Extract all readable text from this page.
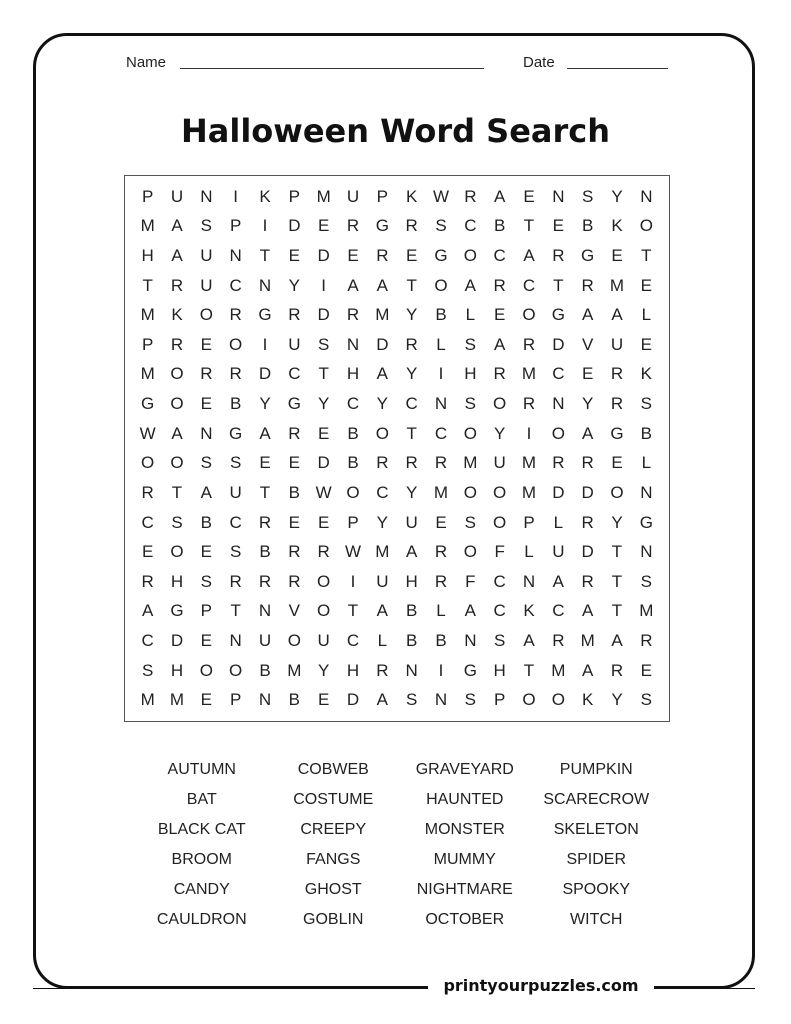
Name	Date
Halloween Word Search
P	U	N	I	K	P M U	P	K W R	A	E	N	S	Y	N
M A	S	P	I	D	E	R G R	S	C	B	T	E	B	K	O
H	A	U	N	T	E	D	E	R	E	G O C	A	R G	E	T
T	R	U	C	N	Y	I	A	A	T	O	A	R	C	T	R M E
M K	O R G R	D	R M Y	B	L	E	O G	A	A	L
P	R	E	O	I	U	S	N	D	R	L	S	A	R	D	V	U	E
M O R	R	D	C	T	H	A	Y	I	H	R M C	E	R	K
G O	E	B	Y	G	Y	C	Y	C	N	S	O R	N	Y	R	S
W A	N G	A	R	E	B	O	T	C O	Y	I	O	A	G	B
O O	S	S	E	E	D	B	R	R	R M U M R	R	E	L
R	T	A	U	T	B W O C	Y M O O M D	D O N
C	S	B	C	R	E	E	P	Y	U	E	S	O	P	L	R	Y	G
E	O	E	S	B	R	R W M A	R O	F	L	U	D	T	N
R	H	S	R	R	R O	I	U	H	R	F	C	N	A	R	T	S
A	G	P	T	N	V	O	T	A	B	L	A	C	K	C	A	T	M
C	D	E	N	U O U	C	L	B	B	N	S	A	R M A	R
S	H O O	B M Y	H	R	N	I	G H	T	M A	R	E
M M E	P	N	B	E	D	A	S	N	S	P	O O	K	Y	S
AUTUMN	COBWEB	GRAVEYARD	PUMPKIN
BAT	COSTUME	HAUNTED	SCARECROW
BLACK CAT	CREEPY	MONSTER	SKELETON
BROOM	FANGS	MUMMY	SPIDER
CANDY	GHOST	NIGHTMARE	SPOOKY
CAULDRON	GOBLIN	OCTOBER	WITCH
printyourpuzzles.com
